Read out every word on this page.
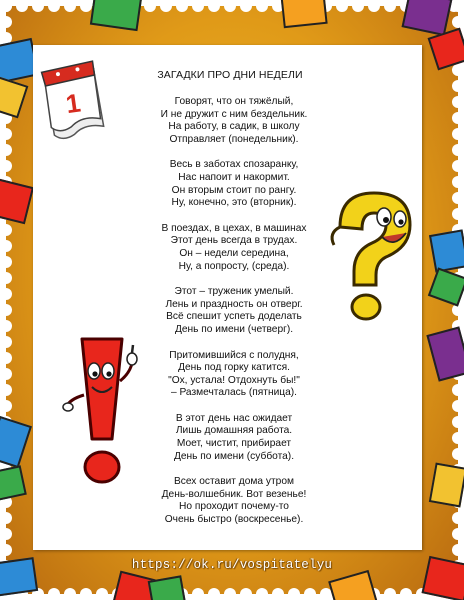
1
ЗАГАДКИ ПРО ДНИ НЕДЕЛИ
Говорят, что он тяжёлый,
И не дружит с ним бездельник.
На работу, в садик, в школу
Отправляет (понедельник).
Весь в заботах спозаранку,
Нас напоит и накормит.
Он вторым стоит по рангу.
Ну, конечно, это (вторник).
В поездах, в цехах, в машинах
Этот день всегда в трудах.
Он – недели середина,
Ну, а попросту, (среда).
Этот – труженик умелый.
Лень и праздность он отверг.
Всё спешит успеть доделать
День по имени (четверг).
Притомившийся с полудня,
День под горку катится.
"Ох, устала! Отдохнуть бы!"
– Размечталась (пятница).
В этот день нас ожидает
Лишь домашняя работа.
Моет, чистит, прибирает
День по имени (суббота).
Всех оставит дома утром
День-волшебник. Вот везенье!
Но проходит почему-то
Очень быстро (воскресенье).
https://ok.ru/vospitatelyu
